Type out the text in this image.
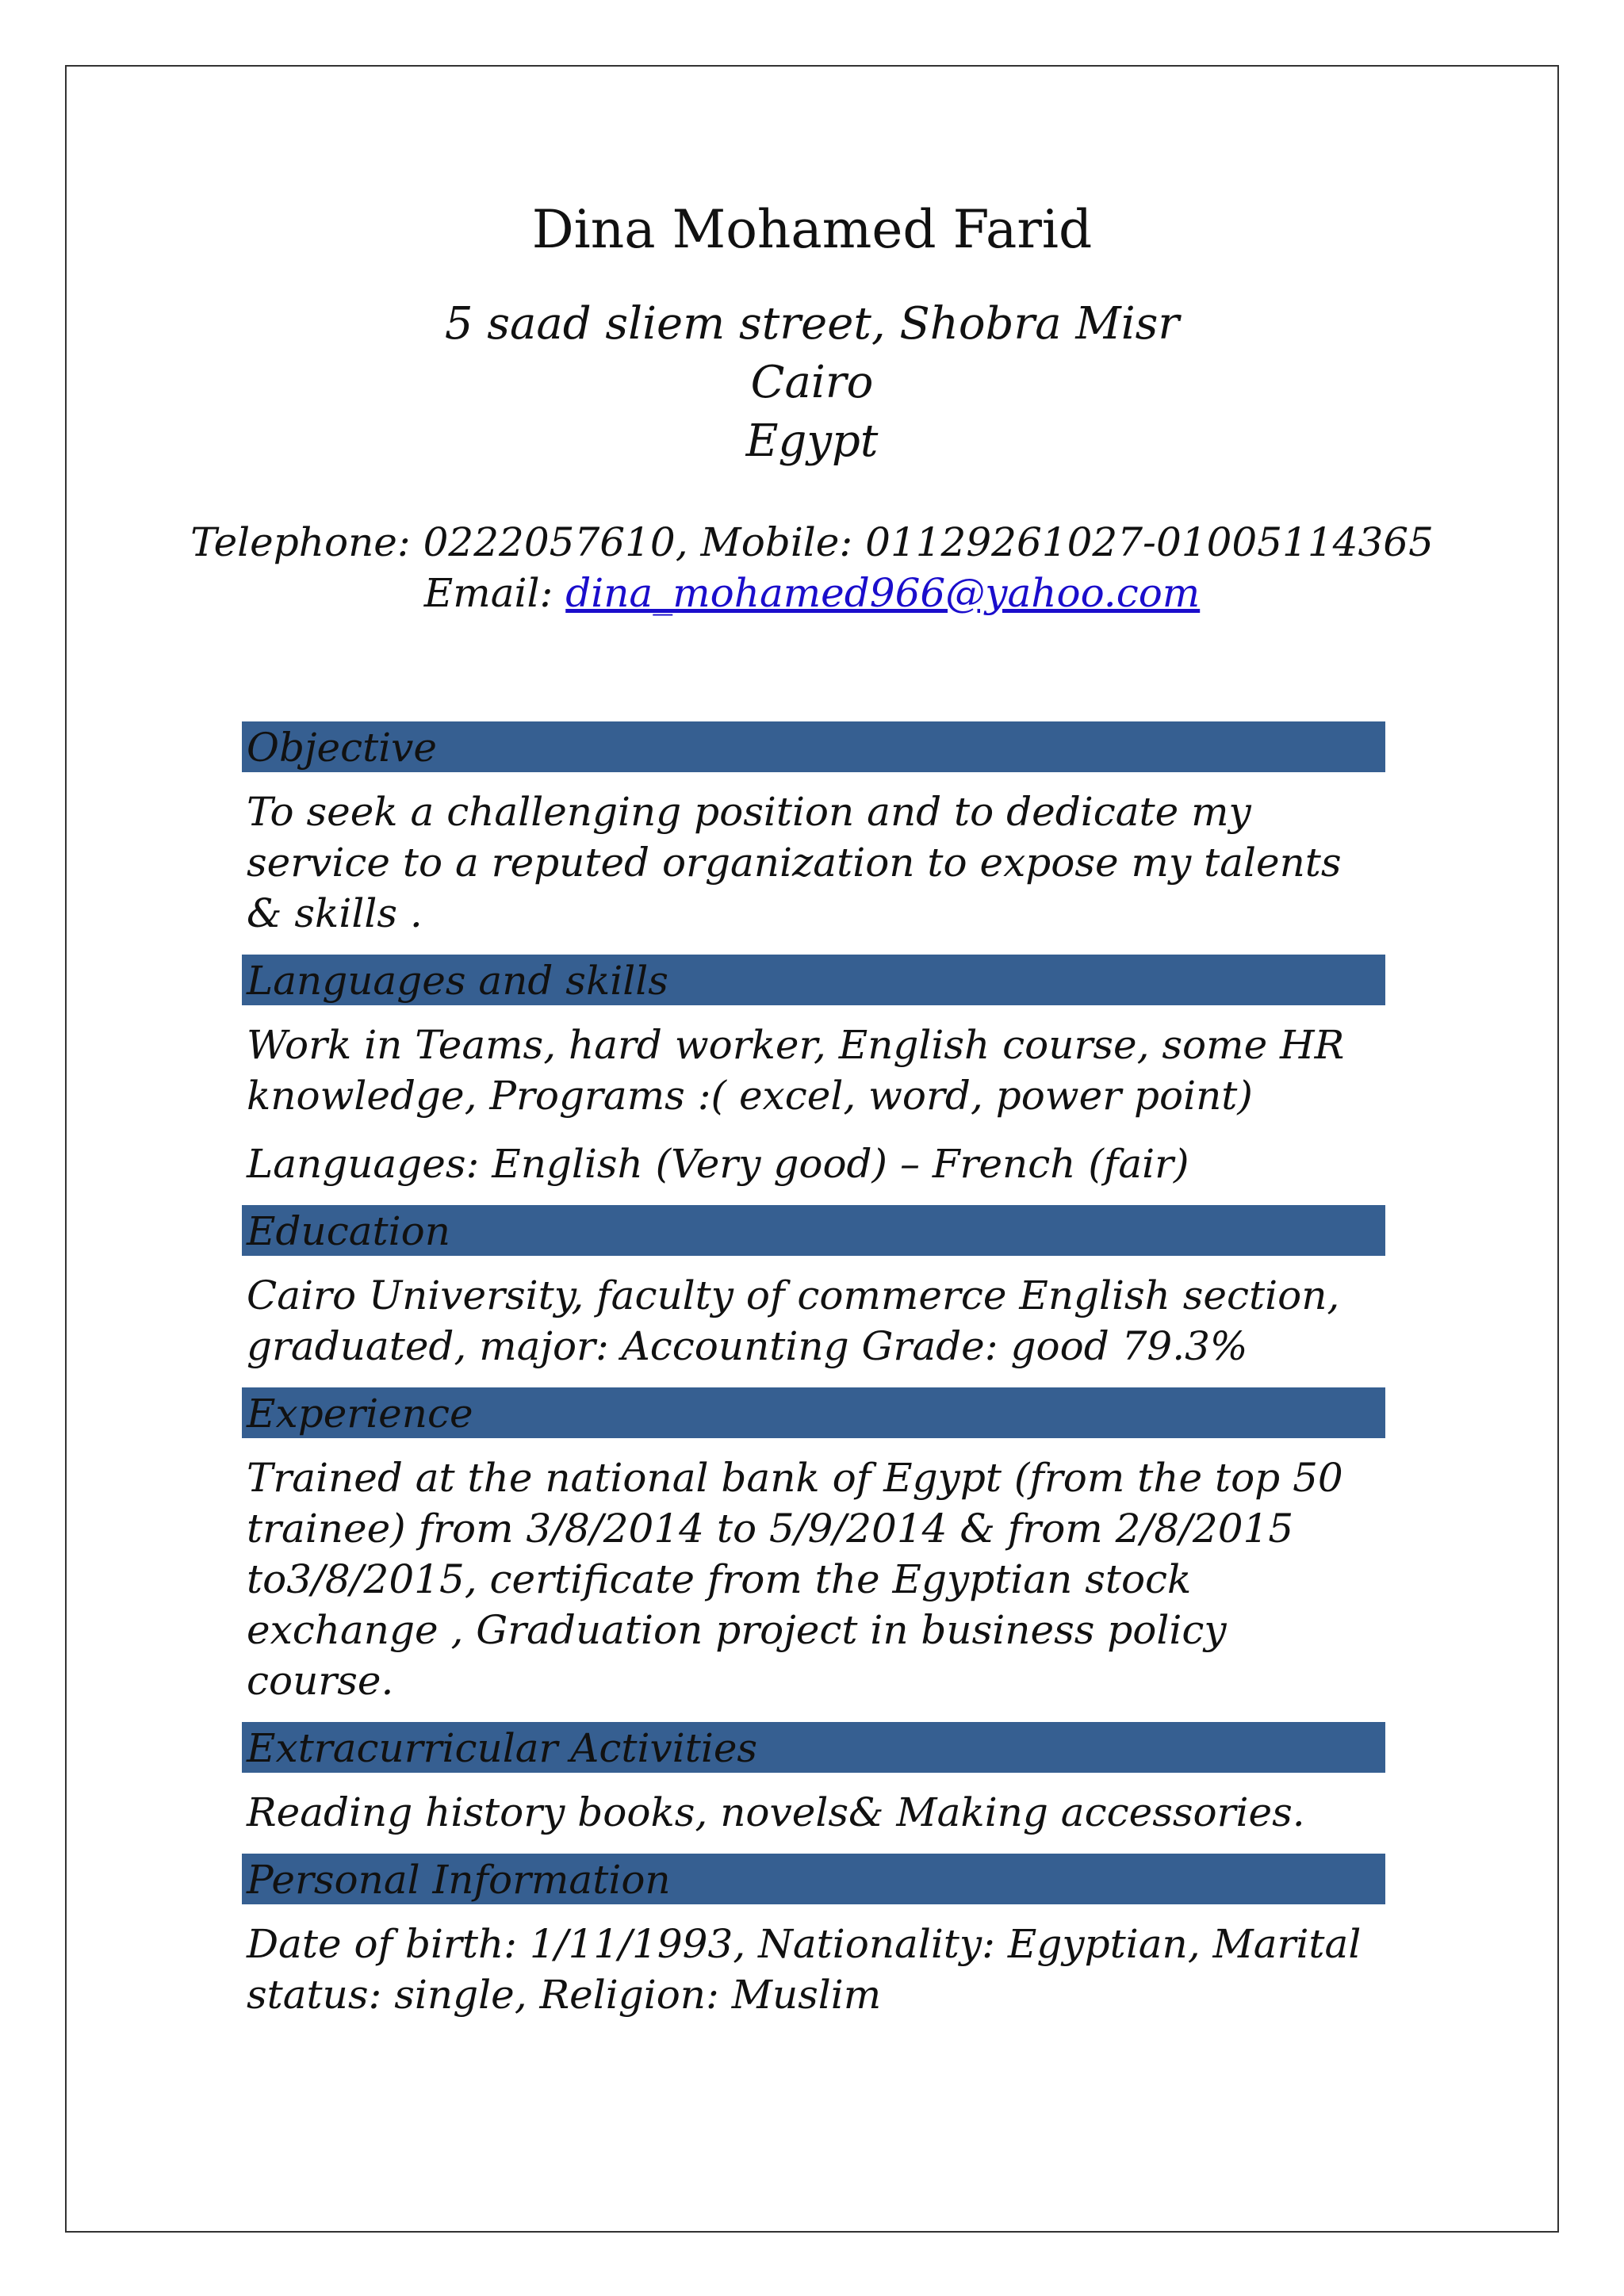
Dina Mohamed Farid
5 saad sliem street, Shobra Misr
Cairo
Egypt
Telephone: 0222057610, Mobile: 01129261027-01005114365
Email: dina_mohamed966@yahoo.com
Objective

To seek a challenging position and to dedicate my service to a reputed organization to expose my talents & skills .

Languages and skills

Work in Teams, hard worker, English course, some HR knowledge, Programs :( excel, word, power point)

Languages: English (Very good) – French (fair)

Education

Cairo University, faculty of commerce English section, graduated, major: Accounting Grade: good 79.3%

Experience

Trained at the national bank of Egypt (from the top 50 trainee) from 3/8/2014 to 5/9/2014 & from 2/8/2015 to3/8/2015, certificate from the Egyptian stock exchange , Graduation project in business policy course.

Extracurricular Activities

Reading history books, novels& Making accessories.

Personal Information

Date of birth: 1/11/1993, Nationality: Egyptian, Marital status: single, Religion: Muslim
